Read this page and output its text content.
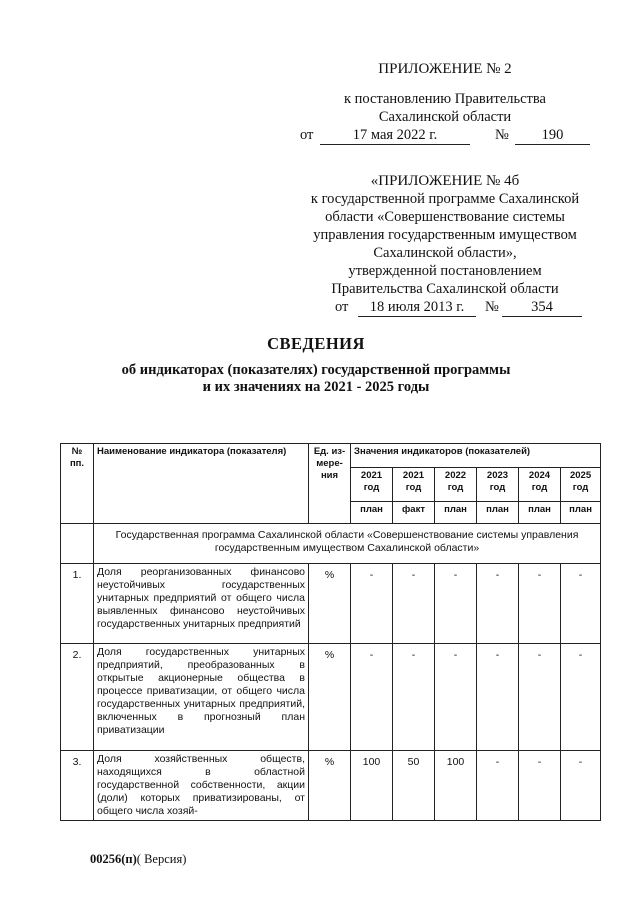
ПРИЛОЖЕНИЕ № 2
к постановлению Правительства
Сахалинской области
от	17 мая 2022 г.	№	190
«ПРИЛОЖЕНИЕ № 4б
к государственной программе Сахалинской
области «Совершенствование системы
управления государственным имуществом
Сахалинской области»,
утвержденной постановлением
Правительства Сахалинской области
от	18 июля 2013 г.	№	354
СВЕДЕНИЯ
об индикаторах (показателях) государственной программы
и их значениях на 2021 - 2025 годы
№ пп.	Наименование индикатора (показателя)	Ед. из-мере-ния	Значения индикаторов (показателей)					
			2021 год	2021 год	2022 год	2023 год	2024 год	2025 год
			план	факт	план	план	план	план
	Государственная программа Сахалинской области «Совершенствование системы управления государственным имуществом Сахалинской области»							
1.	Доля реорганизованных финансово неустойчивых государственных унитарных предприятий от общего числа выявленных финансово неустойчивых государственных унитарных предприятий	%	-	-	-	-	-	-
2.	Доля государственных унитарных предприятий, преобразованных в открытые акционерные общества в процессе приватизации, от общего числа государственных унитарных предприятий, включенных в прогнозный план приватизации	%	-	-	-	-	-	-
3.	Доля хозяйственных обществ, находящихся в областной государственной собственности, акции (доли) которых приватизированы, от общего числа хозяй-	%	100	50	100	-	-	-
00256(п)( Версия)
